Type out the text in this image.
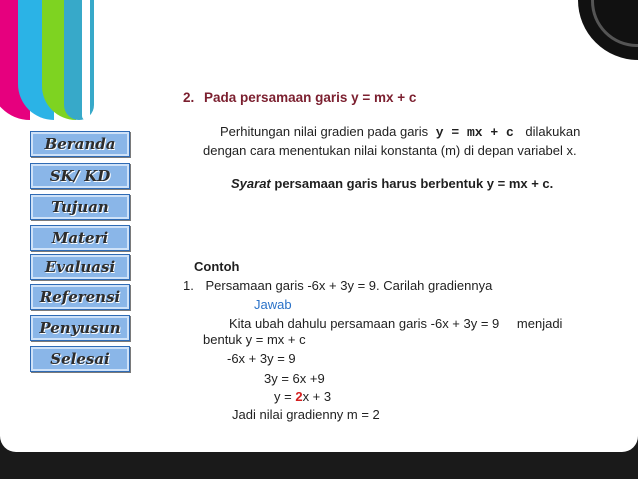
Beranda
SK/ KD
Tujuan
Materi
Evaluasi
Referensi
Penyusun
Selesai
2. Pada persamaan garis y = mx + c
Perhitungan nilai gradien pada garis y = mx + c dilakukan
dengan cara menentukan nilai konstanta (m) di depan variabel x.
Syarat persamaan garis harus berbentuk y = mx + c.
Contoh
1. Persamaan garis -6x + 3y = 9. Carilah gradiennya
Jawab
Kita ubah dahulu persamaan garis -6x + 3y = 9 menjadi
bentuk y = mx + c
-6x + 3y = 9
3y = 6x +9
y = 2x + 3
Jadi nilai gradienny m = 2
